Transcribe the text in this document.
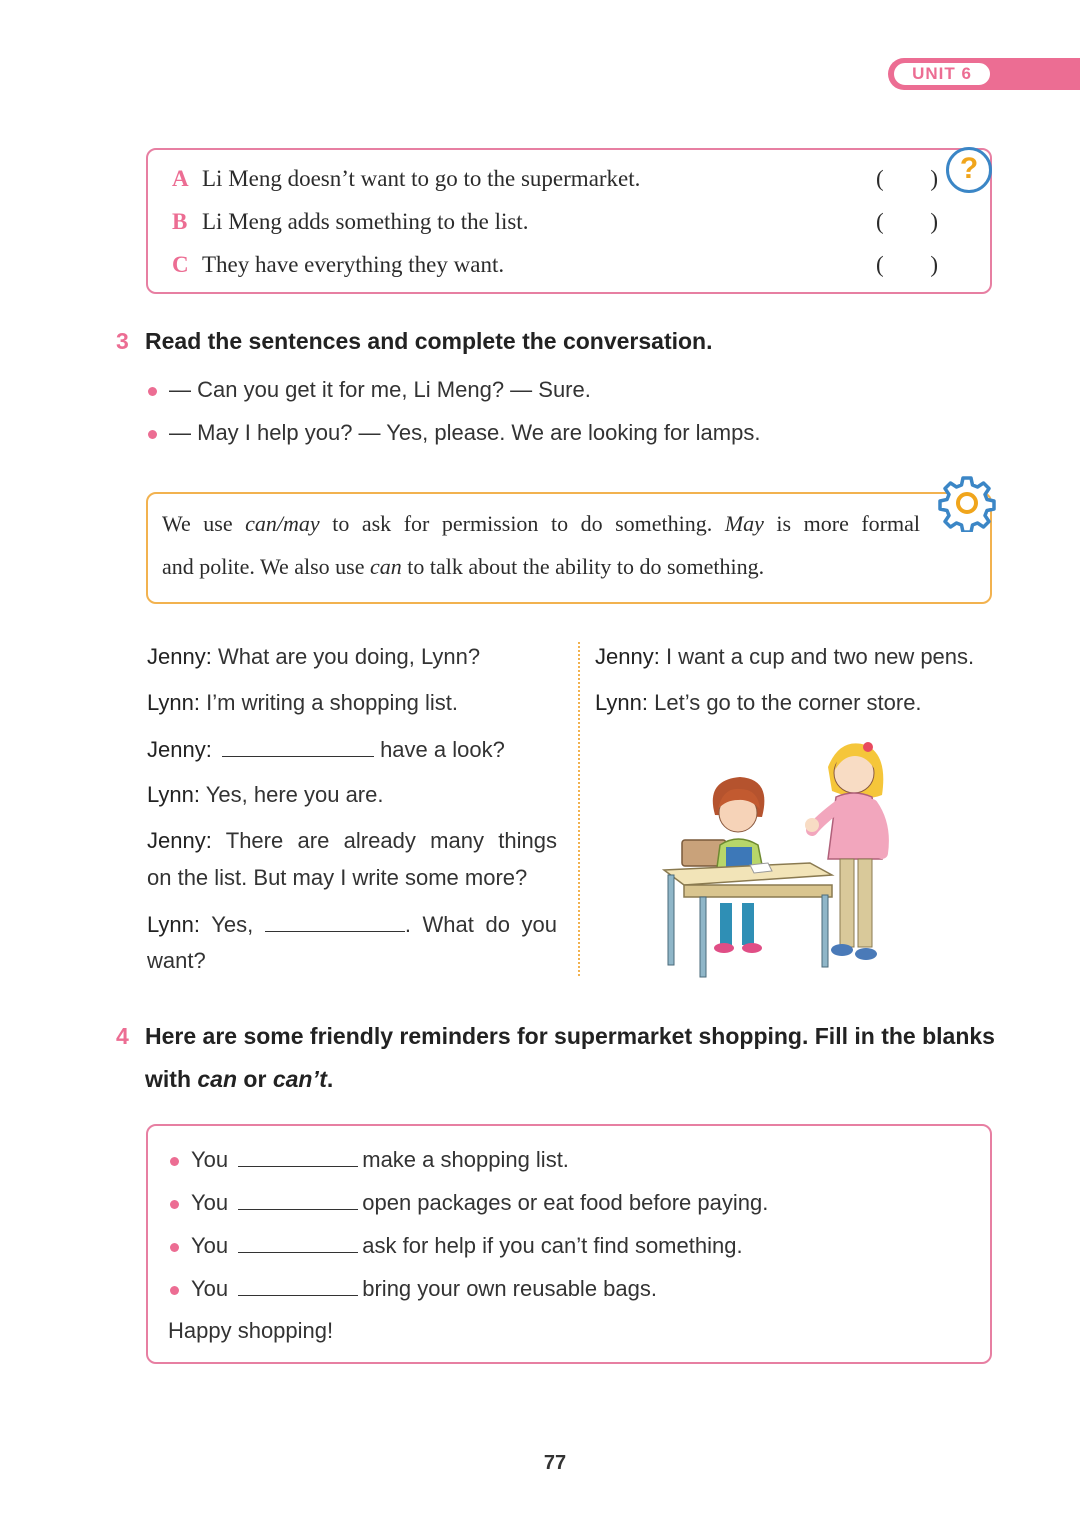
UNIT 6
A Li Meng doesn’t want to go to the supermarket.	( )
B Li Meng adds something to the list.	( )
C They have everything they want.	( )
?
3 Read the sentences and complete the conversation.
— Can you get it for me, Li Meng? — Sure.
— May I help you? — Yes, please. We are looking for lamps.
We use can/may to ask for permission to do something. May is more formal
and polite. We also use can to talk about the ability to do something.
Jenny: What are you doing, Lynn?
Lynn: I’m writing a shopping list.
Jenny:	have a look?
Lynn: Yes, here you are.
Jenny: There are already many things
on the list. But may I write some more?
Lynn: Yes,	. What do you
want?
Jenny: I want a cup and two new pens.
Lynn: Let’s go to the corner store.
4 Here are some friendly reminders for supermarket shopping. Fill in the blanks
with can or can’t.
You	make a shopping list.
You	open packages or eat food before paying.
You	ask for help if you can’t find something.
You	bring your own reusable bags.
Happy shopping!
77
